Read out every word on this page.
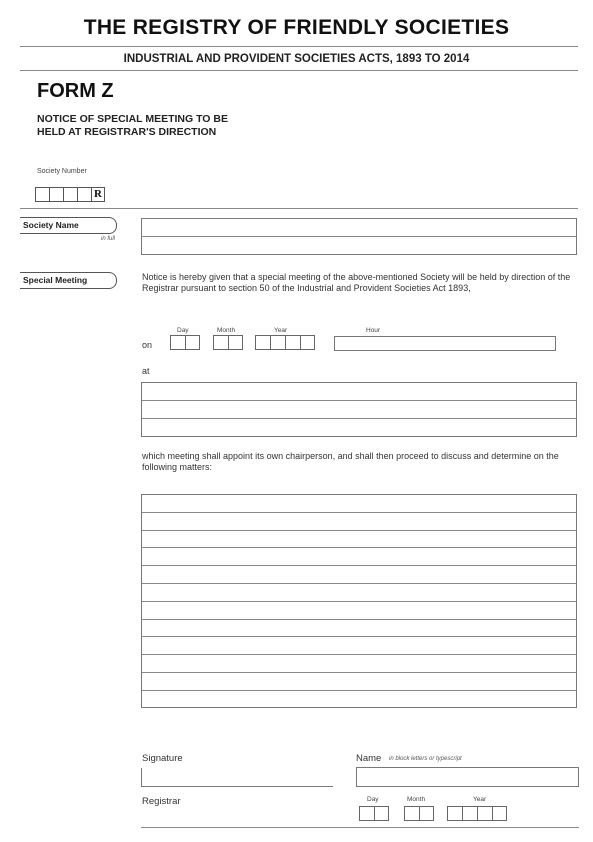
THE REGISTRY OF FRIENDLY SOCIETIES
INDUSTRIAL AND PROVIDENT SOCIETIES ACTS, 1893 TO 2014
FORM Z
NOTICE OF SPECIAL MEETING TO BE HELD AT REGISTRAR'S DIRECTION
Society Number
R
Society Name
in full
Special Meeting	Notice is hereby given that a special meeting of the above-mentioned Society will be held by direction of the Registrar pursuant to section 50 of the Industrial and Provident Societies Act 1893,
Day	Month	Year	Hour
on
at
which meeting shall appoint its own chairperson, and shall then proceed to discuss and determine on the following matters:
Signature
Registrar
Name in block letters or typescript
Day	Month	Year
